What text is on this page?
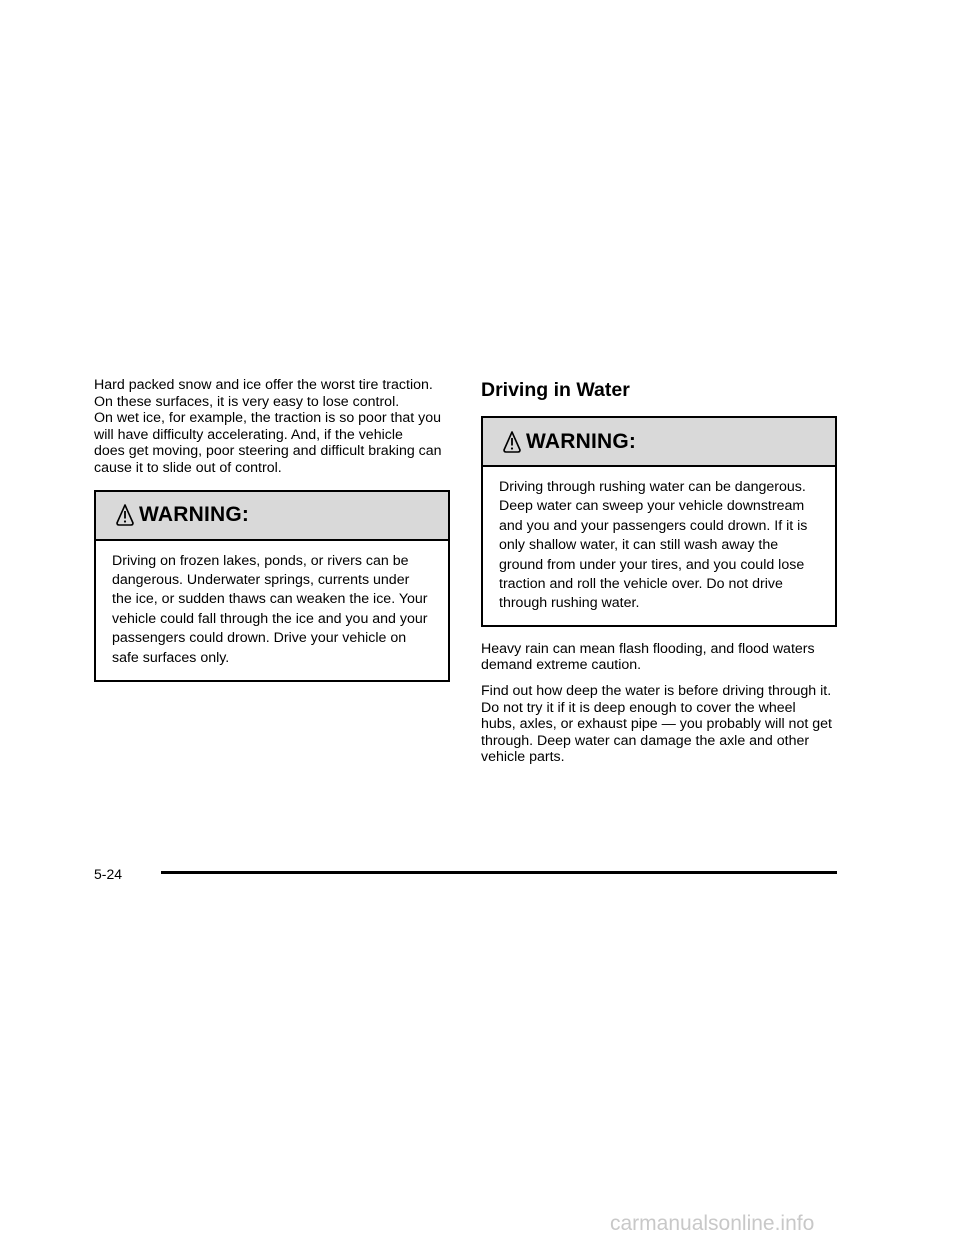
Hard packed snow and ice offer the worst tire traction.
On these surfaces, it is very easy to lose control.
On wet ice, for example, the traction is so poor that you
will have difficulty accelerating. And, if the vehicle
does get moving, poor steering and difficult braking can
cause it to slide out of control.

WARNING:
Driving on frozen lakes, ponds, or rivers can be
dangerous. Underwater springs, currents under
the ice, or sudden thaws can weaken the ice. Your
vehicle could fall through the ice and you and your
passengers could drown. Drive your vehicle on
safe surfaces only.
Driving in Water
WARNING:
Driving through rushing water can be dangerous.
Deep water can sweep your vehicle downstream
and you and your passengers could drown. If it is
only shallow water, it can still wash away the
ground from under your tires, and you could lose
traction and roll the vehicle over. Do not drive
through rushing water.

Heavy rain can mean flash flooding, and flood waters
demand extreme caution.

Find out how deep the water is before driving through it.
Do not try it if it is deep enough to cover the wheel
hubs, axles, or exhaust pipe — you probably will not get
through. Deep water can damage the axle and other
vehicle parts.

5-24
carmanualsonline.info
